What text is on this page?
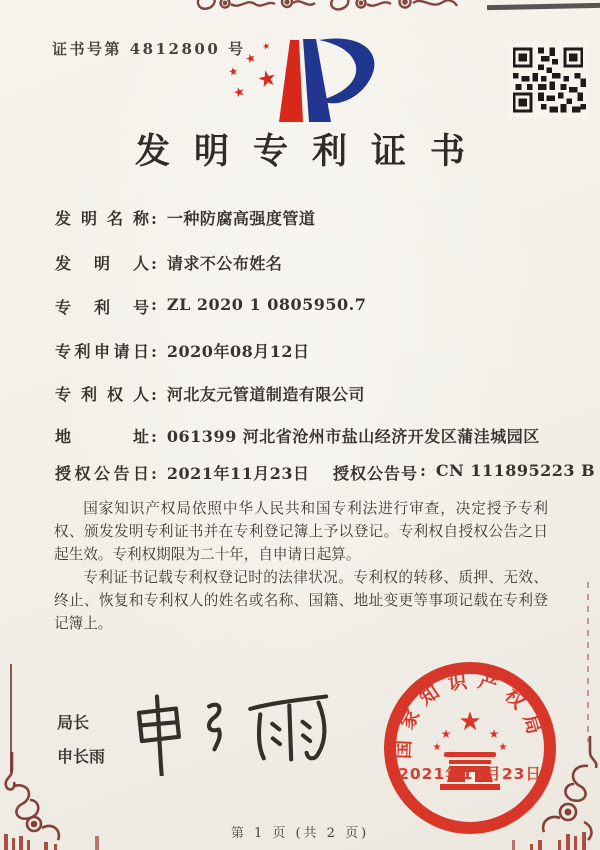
证书号第 4812800 号
★
★
★
★
★
发明专利证书
发明名称 : 一种防腐高强度管道
发明人 : 请求不公布姓名
专利号 : ZL 2020 1 0805950.7
专利申请日 : 2020年08月12日
专利权人 : 河北友元管道制造有限公司
地址 : 061399 河北省沧州市盐山经济开发区蒲洼城园区
授权公告日 : 2021年11月23日 授权公告号 : CN 111895223 B

国家知识产权局依照中华人民共和国专利法进行审查，决定授予专利权、颁发发明专利证书并在专利登记簿上予以登记。专利权自授权公告之日起生效。专利权期限为二十年，自申请日起算。

专利证书记载专利权登记时的法律状况。专利权的转移、质押、无效、终止、恢复和专利权人的姓名或名称、国籍、地址变更等事项记载在专利登记簿上。

局长
申长雨	国家知识产权局
★
★	★
★	★
2021年11月23日
第 1 页 (共 2 页)
